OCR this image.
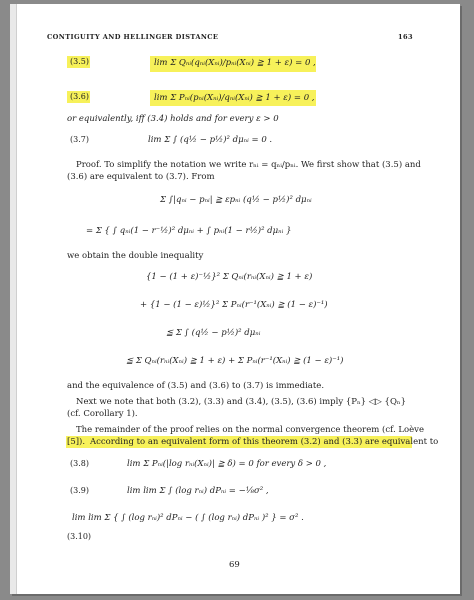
CONTIGUITY AND HELLINGER DISTANCE	163
(3.5)	lim Σ Qₙᵢ(qₙᵢ(Xₙᵢ)/pₙᵢ(Xₙᵢ) ≧ 1 + ε) = 0 ,
(3.6)	lim Σ Pₙᵢ(pₙᵢ(Xₙᵢ)/qₙᵢ(Xₙᵢ) ≧ 1 + ε) = 0 ,
or equivalently, iff (3.4) holds and for every ε > 0
(3.7)	lim Σ ∫ (q½ − p½)² dμₙᵢ = 0 .
Proof. To simplify the notation we write rₙᵢ = qₙᵢ/pₙᵢ. We first show that (3.5) and
(3.6) are equivalent to (3.7). From
Σ ∫|qₙᵢ − pₙᵢ| ≧ εpₙᵢ (q½ − p½)² dμₙᵢ
= Σ { ∫ qₙᵢ(1 − r⁻½)² dμₙᵢ + ∫ pₙᵢ(1 − r½)² dμₙᵢ }
we obtain the double inequality
{1 − (1 + ε)⁻½}² Σ Qₙᵢ(rₙᵢ(Xₙᵢ) ≧ 1 + ε)
+ {1 − (1 − ε)½}² Σ Pₙᵢ(r⁻¹(Xₙᵢ) ≧ (1 − ε)⁻¹)
≦ Σ ∫ (q½ − p½)² dμₙᵢ
≦ Σ Qₙᵢ(rₙᵢ(Xₙᵢ) ≧ 1 + ε) + Σ Pₙᵢ(r⁻¹(Xₙᵢ) ≧ (1 − ε)⁻¹)
and the equivalence of (3.5) and (3.6) to (3.7) is immediate.
Next we note that both (3.2), (3.3) and (3.4), (3.5), (3.6) imply {Pₙ} ◁▷ {Qₙ}
(cf. Corollary 1).
The remainder of the proof relies on the normal convergence theorem (cf. Loève
[5]). According to an equivalent form of this theorem (3.2) and (3.3) are equivalent to
(3.8)	lim Σ Pₙᵢ(|log rₙᵢ(Xₙᵢ)| ≧ δ) = 0 for every δ > 0 ,
(3.9)	lim lim Σ ∫ (log rₙᵢ) dPₙᵢ = −⅛σ² ,
lim lim Σ { ∫ (log rₙᵢ)² dPₙᵢ − ( ∫ (log rₙᵢ) dPₙᵢ )² } = σ² .
(3.10)
69
